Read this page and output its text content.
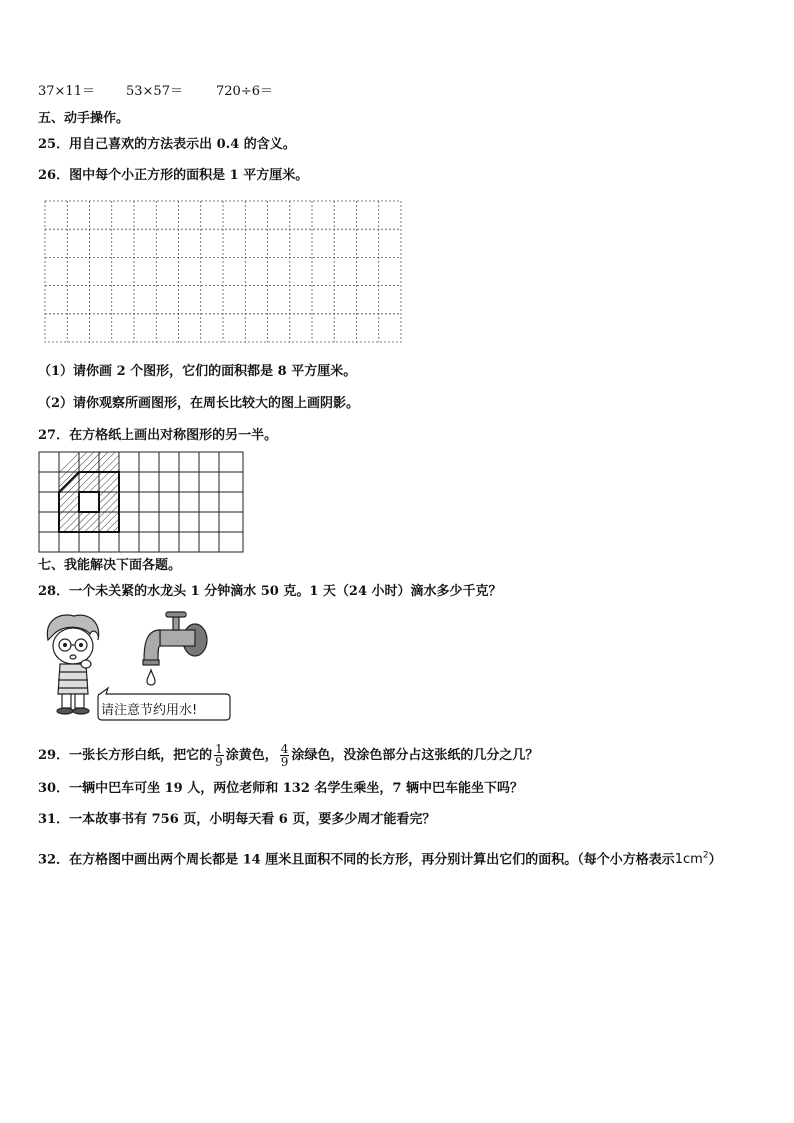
37×11＝ 53×57＝	720÷6＝
五、动手操作。
25．用自己喜欢的方法表示出 0.4 的含义。
26．图中每个小正方形的面积是 1 平方厘米。
（1）请你画 2 个图形，它们的面积都是 8 平方厘米。
（2）请你观察所画图形，在周长比较大的图上画阴影。
27．在方格纸上画出对称图形的另一半。
七、我能解决下面各题。
28．一个未关紧的水龙头 1 分钟滴水 50 克。1 天（24 小时）滴水多少千克？
请注意节约用水!
29．一张长方形白纸，把它的 $\frac{1}{9}$ 涂黄色， $\frac{4}{9}$ 涂绿色，没涂色部分占这张纸的几分之几？
30．一辆中巴车可坐 19 人，两位老师和 132 名学生乘坐，7 辆中巴车能坐下吗？
31．一本故事书有 756 页，小明每天看 6 页，要多少周才能看完？
32．在方格图中画出两个周长都是 14 厘米且面积不同的长方形，再分别计算出它们的面积。（每个小方格表示$1cm^2$）
